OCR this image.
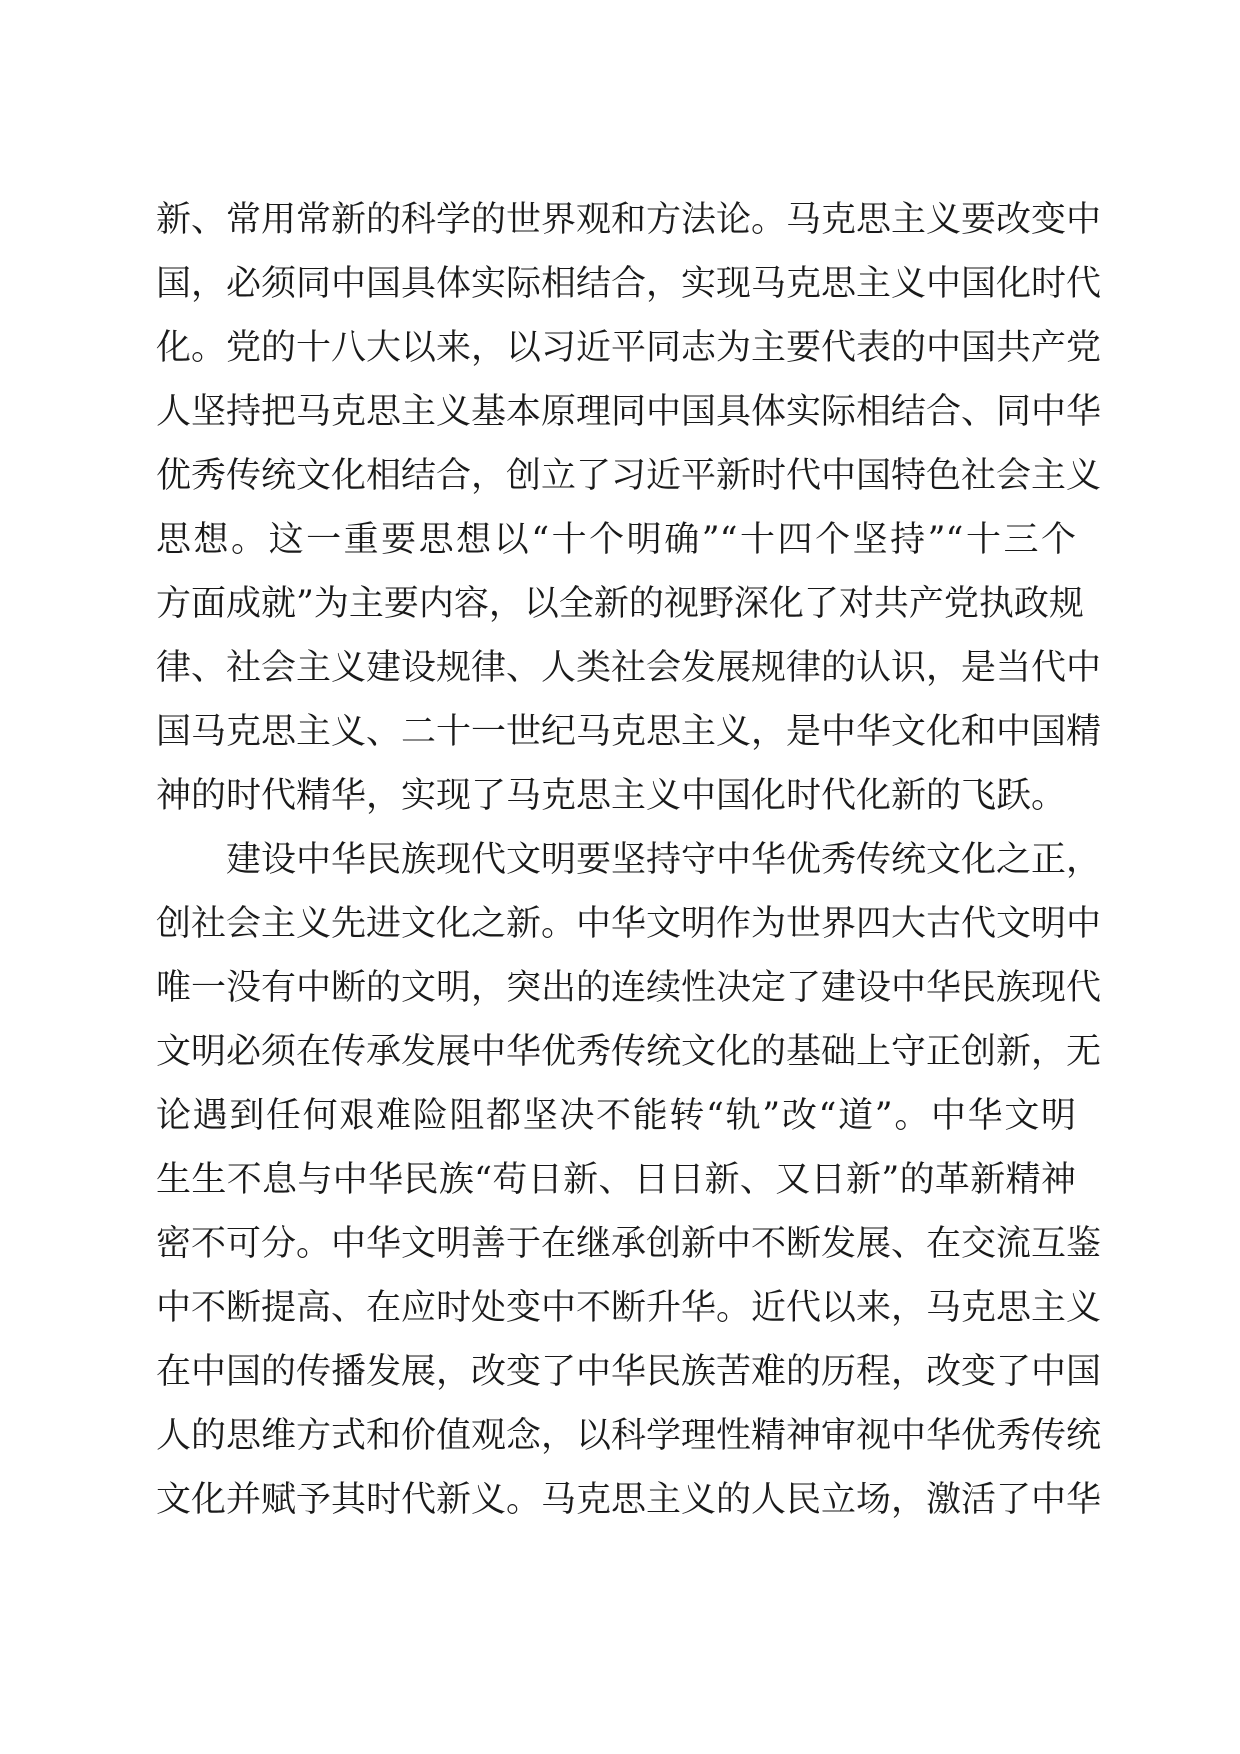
新、常用常新的科学的世界观和方法论。马克思主义要改变中
国，必须同中国具体实际相结合，实现马克思主义中国化时代
化。党的十八大以来，以习近平同志为主要代表的中国共产党
人坚持把马克思主义基本原理同中国具体实际相结合、同中华
优秀传统文化相结合，创立了习近平新时代中国特色社会主义
思想。这一重要思想以“十个明确”“十四个坚持”“十三个
方面成就”为主要内容，以全新的视野深化了对共产党执政规
律、社会主义建设规律、人类社会发展规律的认识，是当代中
国马克思主义、二十一世纪马克思主义，是中华文化和中国精
神的时代精华，实现了马克思主义中国化时代化新的飞跃。
建设中华民族现代文明要坚持守中华优秀传统文化之正，
创社会主义先进文化之新。中华文明作为世界四大古代文明中
唯一没有中断的文明，突出的连续性决定了建设中华民族现代
文明必须在传承发展中华优秀传统文化的基础上守正创新，无
论遇到任何艰难险阻都坚决不能转“轨”改“道”。中华文明
生生不息与中华民族“苟日新、日日新、又日新”的革新精神
密不可分。中华文明善于在继承创新中不断发展、在交流互鉴
中不断提高、在应时处变中不断升华。近代以来，马克思主义
在中国的传播发展，改变了中华民族苦难的历程，改变了中国
人的思维方式和价值观念，以科学理性精神审视中华优秀传统
文化并赋予其时代新义。马克思主义的人民立场，激活了中华
